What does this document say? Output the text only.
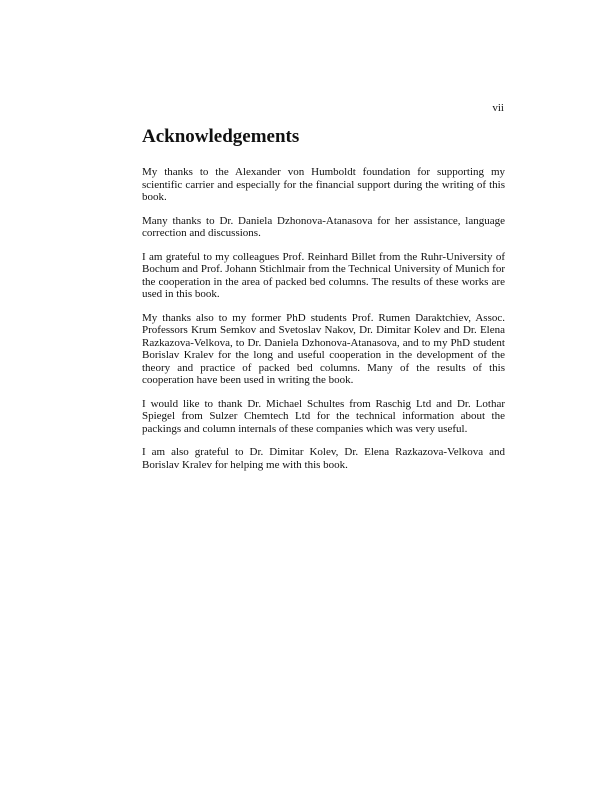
vii
Acknowledgements

My thanks to the Alexander von Humboldt foundation for supporting my scientific carrier and especially for the financial support during the writing of this book.

Many thanks to Dr. Daniela Dzhonova-Atanasova for her assistance, language correction and discussions.

I am grateful to my colleagues Prof. Reinhard Billet from the Ruhr-University of Bochum and Prof. Johann Stichlmair from the Technical University of Munich for the cooperation in the area of packed bed columns. The results of these works are used in this book.

My thanks also to my former PhD students Prof. Rumen Daraktchiev, Assoc. Professors Krum Semkov and Svetoslav Nakov, Dr. Dimitar Kolev and Dr. Elena Razkazova-Velkova, to Dr. Daniela Dzhonova-Atanasova, and to my PhD student Borislav Kralev for the long and useful cooperation in the development of the theory and practice of packed bed columns. Many of the results of this cooperation have been used in writing the book.

I would like to thank Dr. Michael Schultes from Raschig Ltd and Dr. Lothar Spiegel from Sulzer Chemtech Ltd for the technical information about the packings and column internals of these companies which was very useful.

I am also grateful to Dr. Dimitar Kolev, Dr. Elena Razkazova-Velkova and Borislav Kralev for helping me with this book.
